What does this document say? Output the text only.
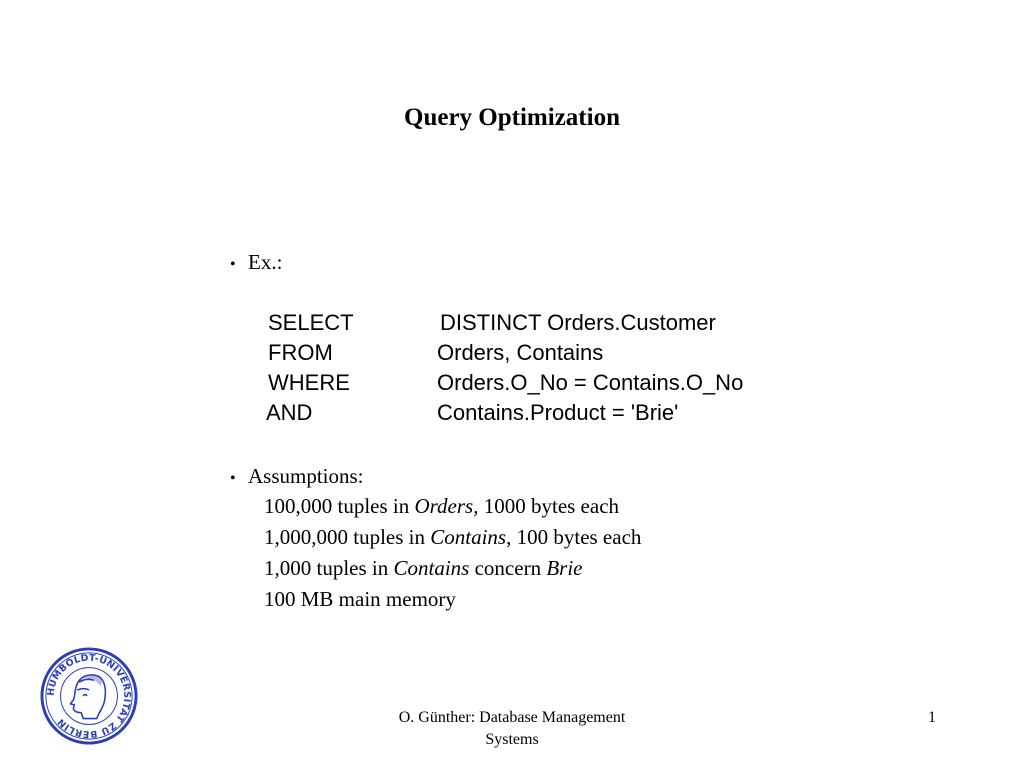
Query Optimization
• Ex.:
SELECT	DISTINCT Orders.Customer
FROM	Orders, Contains
WHERE	Orders.O_No = Contains.O_No
AND	Contains.Product = 'Brie'
• Assumptions:
100,000 tuples in Orders, 1000 bytes each
1,000,000 tuples in Contains, 100 bytes each
1,000 tuples in Contains concern Brie
100 MB main memory
HUMBOLDT-UNIVERSITÄT ZU BERLIN	O. Günther: Database Management
Systems
1
